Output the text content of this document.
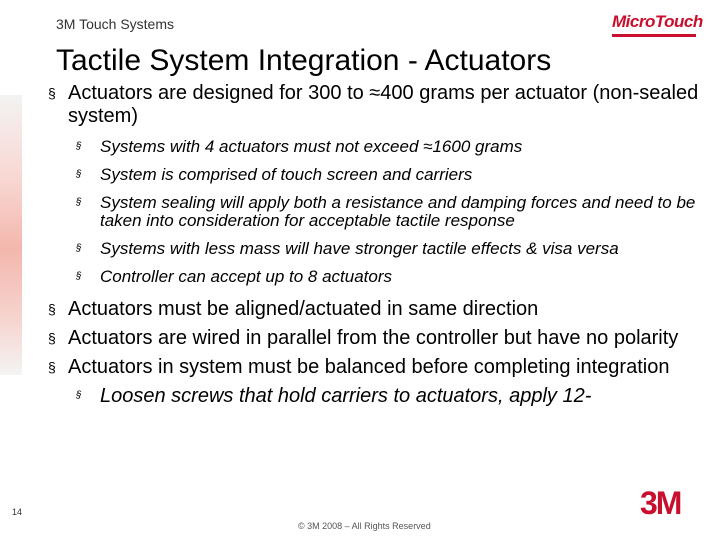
3M Touch Systems
Tactile System Integration - Actuators
MicroTouch
§ Actuators are designed for 300 to ≈400 grams per actuator (non-sealed system)
§ Systems with 4 actuators must not exceed ≈1600 grams
§ System is comprised of touch screen and carriers
§ System sealing will apply both a resistance and damping forces and need to be taken into consideration for acceptable tactile response
§ Systems with less mass will have stronger tactile effects & visa versa
§ Controller can accept up to 8 actuators
§ Actuators must be aligned/actuated in same direction
§ Actuators are wired in parallel from the controller but have no polarity
§ Actuators in system must be balanced before completing integration
§ Loosen screws that hold carriers to actuators, apply 12-
14
© 3M 2008 – All Rights Reserved
3M
